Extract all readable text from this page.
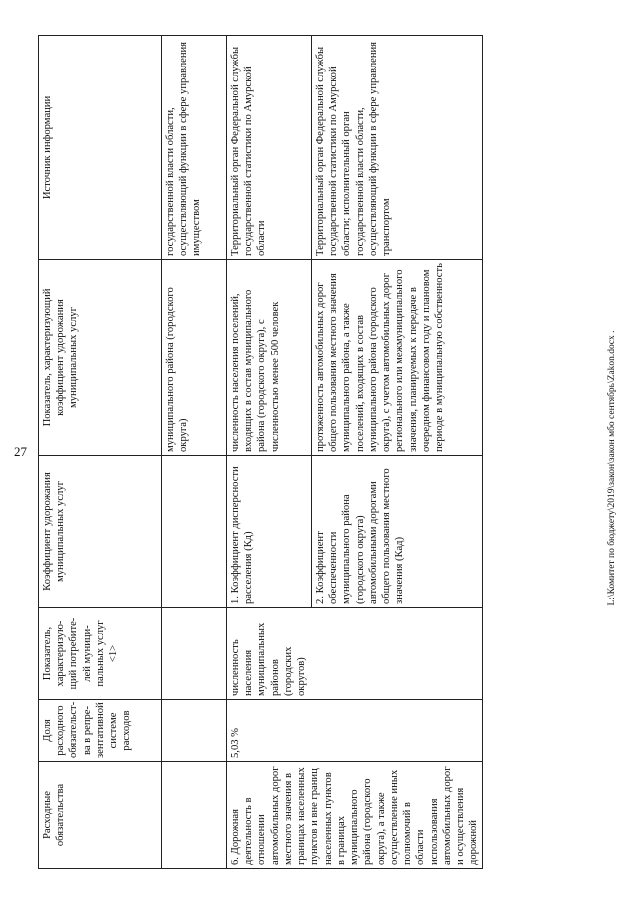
27
Расходные обязательства	Доля расходного обязательст-ва в репре-зентативной системе расходов	Показатель, характеризую-щий потребите-лей муници-пальных услуг <1>	Коэффициент удорожания муниципальных услуг	Показатель, характеризующий коэффициент удорожания муниципальных услуг	Источник информации
				муниципального района (городского округа)	государственной власти области, осуществляющий функции в сфере управления имуществом
6. Дорожная деятельность в отношении автомобильных дорог местного значения в границах населенных пунктов и вне границ населенных пунктов в границах муниципального района (городского округа), а также осуществление иных полномочий в области использования автомобильных дорог и осуществления дорожной	5,03 %	численность населения муниципальных районов (городских округов)	1. Коэффициент дисперсности расселения (Кд)	численность населения поселений, входящих в состав муниципального района (городского округа), с численностью менее 500 человек	Территориальный орган Федеральной службы государственной статистики по Амурской области
			2. Коэффициент обеспеченности муниципального района (городского округа) автомобильными дорогами общего пользования местного значения (Кад)	протяженность автомобильных дорог общего пользования местного значения муниципального района, а также поселений, входящих в состав муниципального района (городского округа), с учетом автомобильных дорог регионального или межмуниципального значения, планируемых к передаче в очередном финансовом году и плановом периоде в муниципальную собственность	Территориальный орган Федеральной службы государственной статистики по Амурской области; исполнительный орган государственной власти области, осуществляющий функции в сфере управления транспортом
L:\Комитет по бюджету\2019\закон\закон мбо сентябрь\Zakon.docx .
